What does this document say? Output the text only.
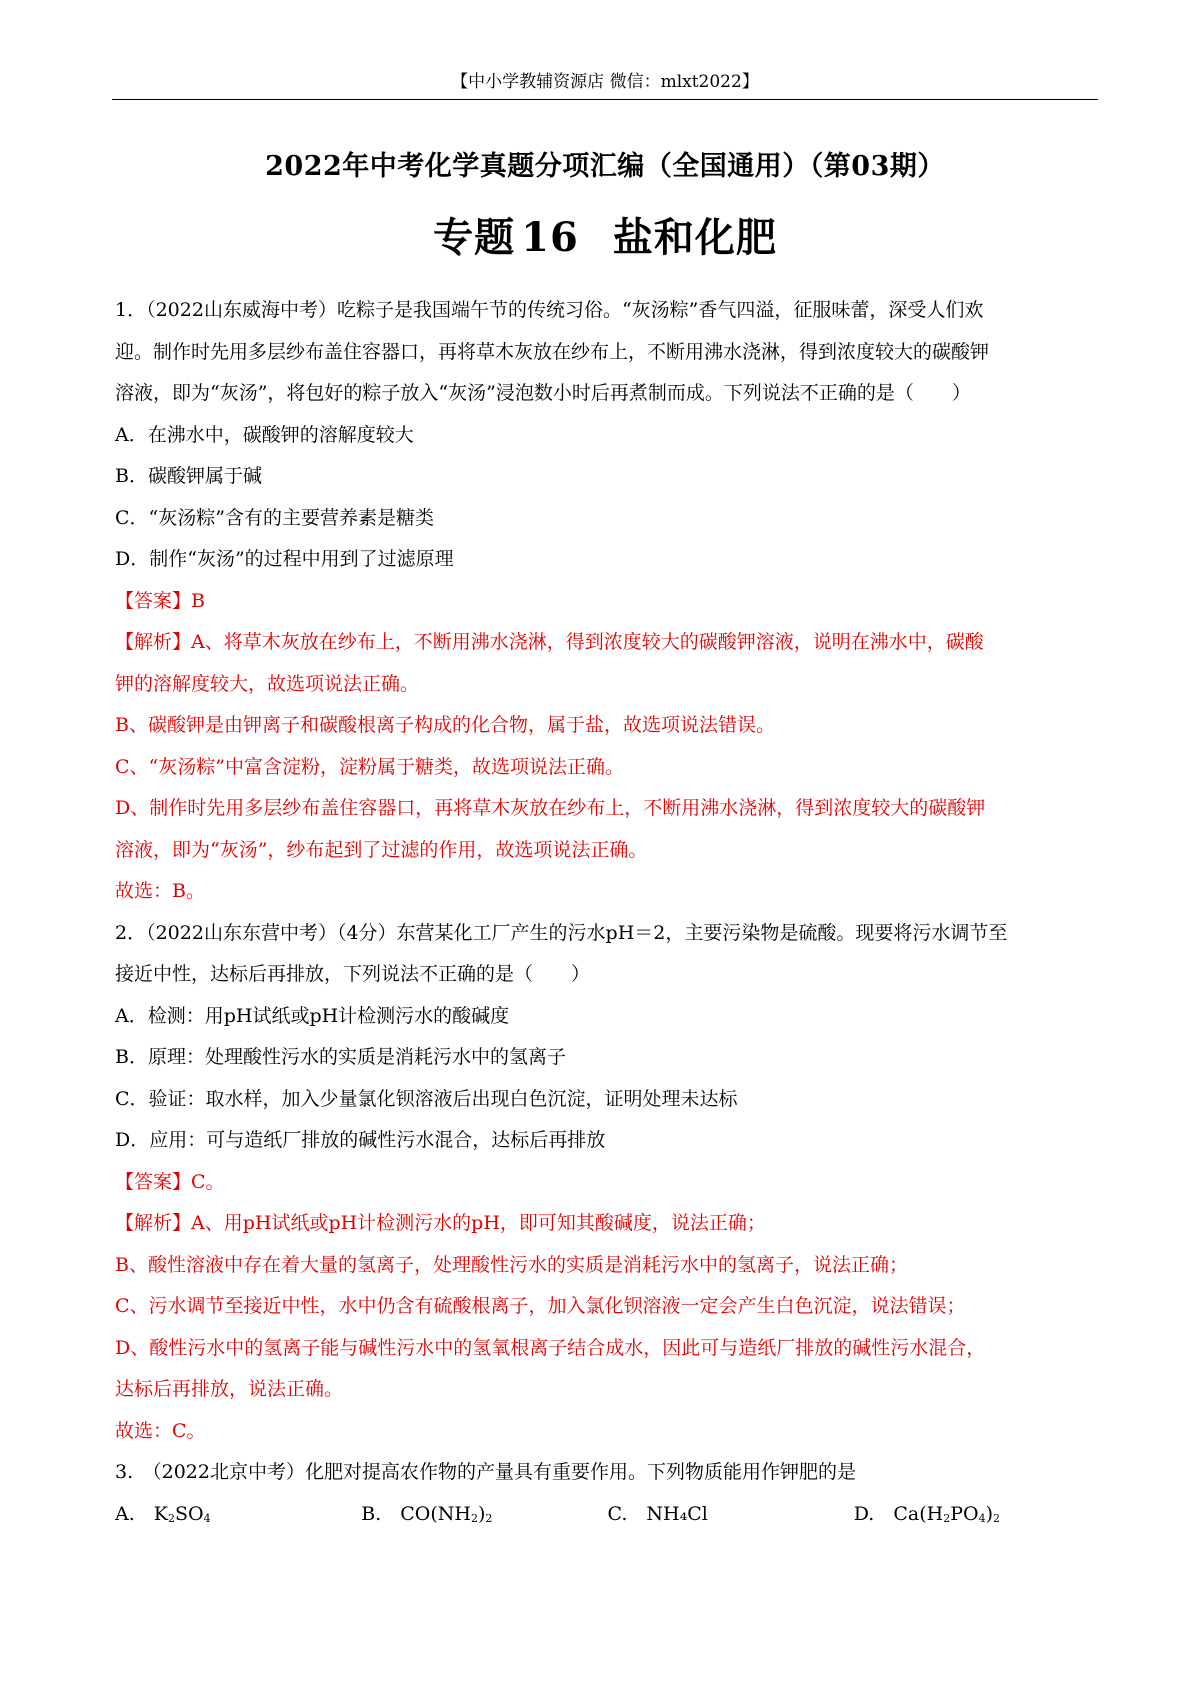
【中小学教辅资源店 微信：mlxt2022】
2022年中考化学真题分项汇编（全国通用）（第03期）
专题 16 盐和化肥

1．（2022山东威海中考）吃粽子是我国端午节的传统习俗。“灰汤粽”香气四溢，征服味蕾，深受人们欢

迎。制作时先用多层纱布盖住容器口，再将草木灰放在纱布上，不断用沸水浇淋，得到浓度较大的碳酸钾

溶液，即为“灰汤”，将包好的粽子放入“灰汤”浸泡数小时后再煮制而成。下列说法不正确的是（　　）

A．在沸水中，碳酸钾的溶解度较大

B．碳酸钾属于碱

C．“灰汤粽”含有的主要营养素是糖类

D．制作“灰汤”的过程中用到了过滤原理

【答案】B

【解析】A、将草木灰放在纱布上，不断用沸水浇淋，得到浓度较大的碳酸钾溶液，说明在沸水中，碳酸

钾的溶解度较大，故选项说法正确。

B、碳酸钾是由钾离子和碳酸根离子构成的化合物，属于盐，故选项说法错误。

C、“灰汤粽”中富含淀粉，淀粉属于糖类，故选项说法正确。

D、制作时先用多层纱布盖住容器口，再将草木灰放在纱布上，不断用沸水浇淋，得到浓度较大的碳酸钾

溶液，即为“灰汤”，纱布起到了过滤的作用，故选项说法正确。

故选：B。

2．（2022山东东营中考）（4分）东营某化工厂产生的污水pH＝2，主要污染物是硫酸。现要将污水调节至

接近中性，达标后再排放，下列说法不正确的是（　　）

A．检测：用pH试纸或pH计检测污水的酸碱度

B．原理：处理酸性污水的实质是消耗污水中的氢离子

C．验证：取水样，加入少量氯化钡溶液后出现白色沉淀，证明处理未达标

D．应用：可与造纸厂排放的碱性污水混合，达标后再排放

【答案】C。

【解析】A、用pH试纸或pH计检测污水的pH，即可知其酸碱度，说法正确；

B、酸性溶液中存在着大量的氢离子，处理酸性污水的实质是消耗污水中的氢离子，说法正确；

C、污水调节至接近中性，水中仍含有硫酸根离子，加入氯化钡溶液一定会产生白色沉淀，说法错误；

D、酸性污水中的氢离子能与碱性污水中的氢氧根离子结合成水，因此可与造纸厂排放的碱性污水混合，

达标后再排放，说法正确。

故选：C。

3.　（2022北京中考）化肥对提高农作物的产量具有重要作用。下列物质能用作钾肥的是

A.　$K_2SO_4$	B.　$CO(NH_2)_2$	C.　NH₄Cl	D.　$Ca(H_2PO_4)_2$
